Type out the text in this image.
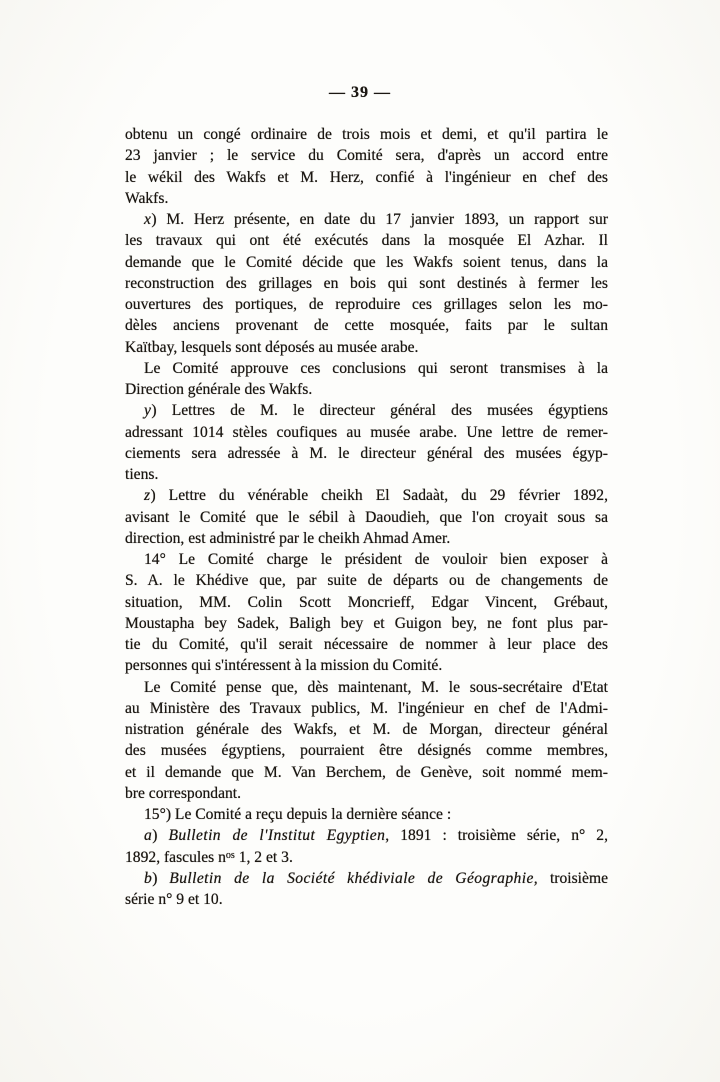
— 39 —
obtenu un congé ordinaire de trois mois et demi, et qu'il partira le
23 janvier ; le service du Comité sera, d'après un accord entre
le wékil des Wakfs et M. Herz, confié à l'ingénieur en chef des
Wakfs.
x) M. Herz présente, en date du 17 janvier 1893, un rapport sur
les travaux qui ont été exécutés dans la mosquée El Azhar. Il
demande que le Comité décide que les Wakfs soient tenus, dans la
reconstruction des grillages en bois qui sont destinés à fermer les
ouvertures des portiques, de reproduire ces grillages selon les mo-
dèles anciens provenant de cette mosquée, faits par le sultan
Kaïtbay, lesquels sont déposés au musée arabe.
Le Comité approuve ces conclusions qui seront transmises à la
Direction générale des Wakfs.
y) Lettres de M. le directeur général des musées égyptiens
adressant 1014 stèles coufiques au musée arabe. Une lettre de remer-
ciements sera adressée à M. le directeur général des musées égyp-
tiens.
z) Lettre du vénérable cheikh El Sadaàt, du 29 février 1892,
avisant le Comité que le sébil à Daoudieh, que l'on croyait sous sa
direction, est administré par le cheikh Ahmad Amer.
14° Le Comité charge le président de vouloir bien exposer à
S. A. le Khédive que, par suite de départs ou de changements de
situation, MM. Colin Scott Moncrieff, Edgar Vincent, Grébaut,
Moustapha bey Sadek, Baligh bey et Guigon bey, ne font plus par-
tie du Comité, qu'il serait nécessaire de nommer à leur place des
personnes qui s'intéressent à la mission du Comité.
Le Comité pense que, dès maintenant, M. le sous-secrétaire d'Etat
au Ministère des Travaux publics, M. l'ingénieur en chef de l'Admi-
nistration générale des Wakfs, et M. de Morgan, directeur général
des musées égyptiens, pourraient être désignés comme membres,
et il demande que M. Van Berchem, de Genève, soit nommé mem-
bre correspondant.
15°) Le Comité a reçu depuis la dernière séance :
a) Bulletin de l'Institut Egyptien, 1891 : troisième série, n° 2,
1892, fascules $n^{os}$ 1, 2 et 3.
b) Bulletin de la Société khédiviale de Géographie, troisième
série n° 9 et 10.
